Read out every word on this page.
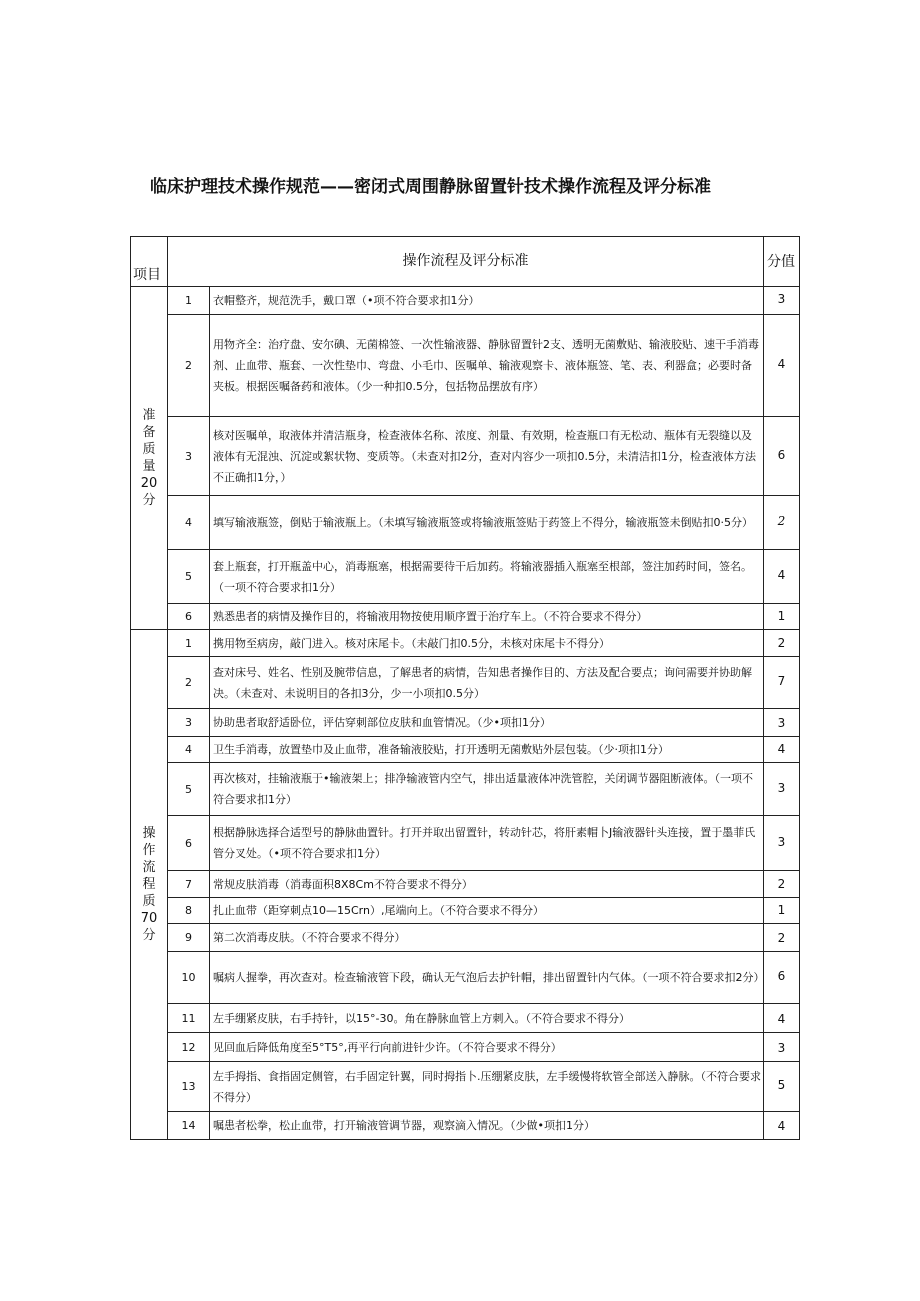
临床护理技术操作规范——密闭式周围静脉留置针技术操作流程及评分标准
项目	操作流程及评分标准		分值

准备质量20分	1	衣帽整齐，规范洗手，戴口罩（•项不符合要求扣1分）	3
	2	用物齐全：治疗盘、安尔碘、无菌棉签、一次性输液器、静脉留置针2支、透明无菌敷贴、输液胶贴、速干手消毒剂、止血带、瓶套、一次性垫巾、弯盘、小毛巾、医嘱单、输液观察卡、液体瓶签、笔、表、利器盒；必要时备夹板。根据医嘱备药和液体。（少一种扣0.5分，包括物品摆放有序）	4
	3	核对医嘱单，取液体并清洁瓶身，检查液体名称、浓度、剂量、有效期，检查瓶口有无松动、瓶体有无裂缝以及液体有无混浊、沉淀或絮状物、变质等。（未查对扣2分，查对内容少一项扣0.5分，未清洁扣1分，检查液体方法不正确扣1分，）	6
	4	填写输液瓶签，倒贴于输液瓶上。（未填写输液瓶签或将输液瓶签贴于药签上不得分，输液瓶签未倒贴扣0·5分）	2
	5	套上瓶套，打开瓶盖中心，消毒瓶塞，根据需要待干后加药。将输液器插入瓶塞至根部，签注加药时间，签名。（一项不符合要求扣1分）	4
	6	熟悉患者的病情及操作目的，将输液用物按使用顺序置于治疗车上。（不符合要求不得分）	1

操作流程质70分	1	携用物至病房，敲门进入。核对床尾卡。（未敲门扣0.5分，未核对床尾卡不得分）	2
	2	查对床号、姓名、性别及腕带信息，了解患者的病情，告知患者操作目的、方法及配合要点；询问需要并协助解决。（未查对、未说明目的各扣3分，少一小项扣0.5分）	7
	3	协助患者取舒适卧位，评估穿刺部位皮肤和血管情况。（少•项扣1分）	3
	4	卫生手消毒，放置垫巾及止血带，准备输液胶贴，打开透明无菌敷贴外层包装。（少·项扣1分）	4
	5	再次核对，挂输液瓶于•输液架上；排净输液管内空气，排出适量液体冲洗管腔，关闭调节器阻断液体。（一项不符合要求扣1分）	3
	6	根据静脉选择合适型号的静脉曲置针。打开并取出留置针，转动针芯，将肝素帽卜J输液器针头连接，置于墨菲氏管分叉处。（•项不符合要求扣1分）	3
	7	常规皮肤消毒（消毒面积8X8Cm不符合要求不得分）	2
	8	扎止血带（距穿刺点10—15Crn）,尾端向上。（不符合要求不得分）	1
	9	第二次消毒皮肤。（不符合要求不得分）	2
	10	嘱病人握拳，再次查对。检查输液管下段，确认无气泡后去护针帽，排出留置针内气体。（一项不符合要求扣2分）	6
	11	左手绷紧皮肤，右手持针，以15°-30。角在静脉血管上方刺入。（不符合要求不得分）	4
	12	见回血后降低角度至5°T5°,再平行向前进针少许。（不符合要求不得分）	3
	13	左手拇指、食指固定侧管，右手固定针翼，同时拇指卜.压绷紧皮肤，左手缓慢将软管全部送入静脉。（不符合要求不得分）	5
	14	嘱患者松拳，松止血带，打开输液管调节器，观察滴入情况。（少做•项扣1分）	4
